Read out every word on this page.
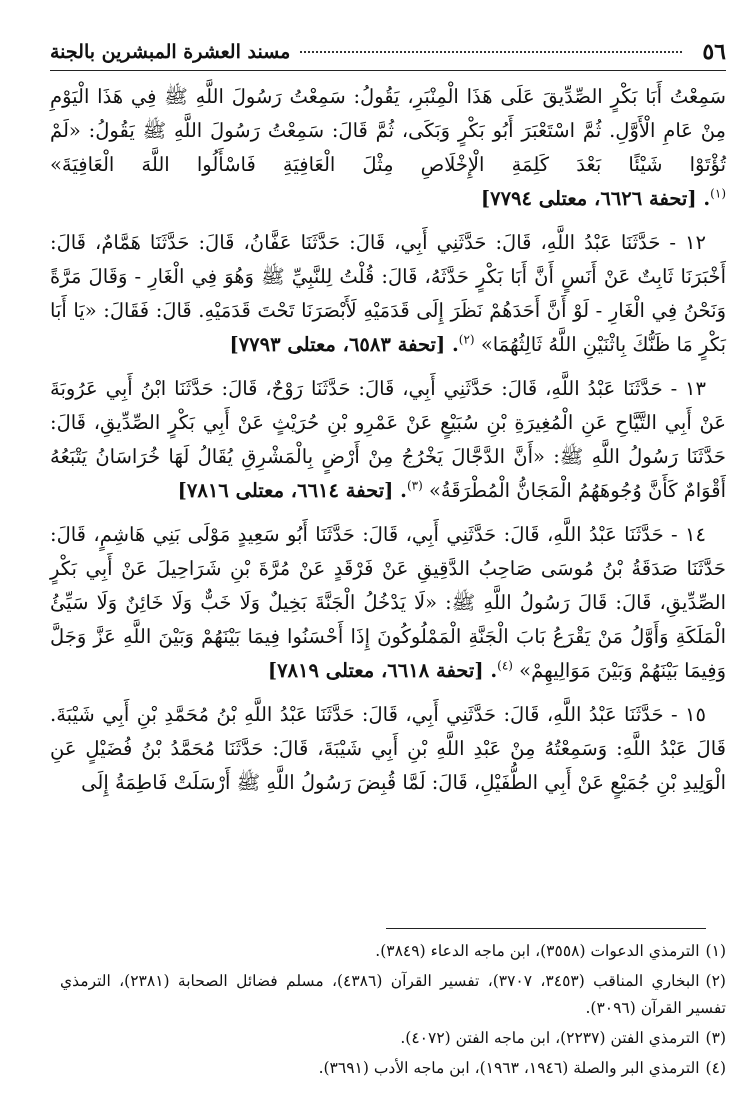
٥٦
مسند العشرة المبشرين بالجنة

سَمِعْتُ أَبَا بَكْرٍ الصِّدِّيقَ عَلَى هَذَا الْمِنْبَرِ، يَقُولُ: سَمِعْتُ رَسُولَ اللَّهِ ﷺ فِي هَذَا الْيَوْمِ مِنْ عَامِ الْأَوَّلِ. ثُمَّ اسْتَعْبَرَ أَبُو بَكْرٍ وَبَكَى، ثُمَّ قَالَ: سَمِعْتُ رَسُولَ اللَّهِ ﷺ يَقُولُ: «لَمْ تُؤْتَوْا شَيْئًا بَعْدَ كَلِمَةِ الْإِخْلَاصِ مِثْلَ الْعَافِيَةِ فَاسْأَلُوا اللَّهَ الْعَافِيَةَ» $^{(١)}$. [تحفة ٦٦٢٦، معتلى ٧٧٩٤]

١٢ - حَدَّثَنَا عَبْدُ اللَّهِ، قَالَ: حَدَّثَنِي أَبِي، قَالَ: حَدَّثَنَا عَفَّانُ، قَالَ: حَدَّثَنَا هَمَّامٌ، قَالَ: أَخْبَرَنَا ثَابِتٌ عَنْ أَنَسٍ أَنَّ أَبَا بَكْرٍ حَدَّثَهُ، قَالَ: قُلْتُ لِلنَّبِيِّ ﷺ وَهُوَ فِي الْغَارِ - وَقَالَ مَرَّةً وَنَحْنُ فِي الْغَارِ - لَوْ أَنَّ أَحَدَهُمْ نَظَرَ إِلَى قَدَمَيْهِ لَأَبْصَرَنَا تَحْتَ قَدَمَيْهِ. قَالَ: فَقَالَ: «يَا أَبَا بَكْرٍ مَا ظَنُّكَ بِاثْنَيْنِ اللَّهُ ثَالِثُهُمَا» $^{(٢)}$. [تحفة ٦٥٨٣، معتلى ٧٧٩٣]

١٣ - حَدَّثَنَا عَبْدُ اللَّهِ، قَالَ: حَدَّثَنِي أَبِي، قَالَ: حَدَّثَنَا رَوْحٌ، قَالَ: حَدَّثَنَا ابْنُ أَبِي عَرُوبَةَ عَنْ أَبِي التَّيَّاحِ عَنِ الْمُغِيرَةِ بْنِ سُبَيْعٍ عَنْ عَمْرِو بْنِ حُرَيْثٍ عَنْ أَبِي بَكْرٍ الصِّدِّيقِ، قَالَ: حَدَّثَنَا رَسُولُ اللَّهِ ﷺ: «أَنَّ الدَّجَّالَ يَخْرُجُ مِنْ أَرْضٍ بِالْمَشْرِقِ يُقَالُ لَهَا خُرَاسَانُ يَتْبَعُهُ أَقْوَامٌ كَأَنَّ وُجُوهَهُمُ الْمَجَانُّ الْمُطْرَقَةُ» $^{(٣)}$. [تحفة ٦٦١٤، معتلى ٧٨١٦]

١٤ - حَدَّثَنَا عَبْدُ اللَّهِ، قَالَ: حَدَّثَنِي أَبِي، قَالَ: حَدَّثَنَا أَبُو سَعِيدٍ مَوْلَى بَنِي هَاشِمٍ، قَالَ: حَدَّثَنَا صَدَقَةُ بْنُ مُوسَى صَاحِبُ الدَّقِيقِ عَنْ فَرْقَدٍ عَنْ مُرَّةَ بْنِ شَرَاحِيلَ عَنْ أَبِي بَكْرٍ الصِّدِّيقِ، قَالَ: قَالَ رَسُولُ اللَّهِ ﷺ: «لَا يَدْخُلُ الْجَنَّةَ بَخِيلٌ وَلَا خَبٌّ وَلَا خَائِنٌ وَلَا سَيِّئُ الْمَلَكَةِ وَأَوَّلُ مَنْ يَقْرَعُ بَابَ الْجَنَّةِ الْمَمْلُوكُونَ إِذَا أَحْسَنُوا فِيمَا بَيْنَهُمْ وَبَيْنَ اللَّهِ عَزَّ وَجَلَّ وَفِيمَا بَيْنَهُمْ وَبَيْنَ مَوَالِيهِمْ» $^{(٤)}$. [تحفة ٦٦١٨، معتلى ٧٨١٩]

١٥ - حَدَّثَنَا عَبْدُ اللَّهِ، قَالَ: حَدَّثَنِي أَبِي، قَالَ: حَدَّثَنَا عَبْدُ اللَّهِ بْنُ مُحَمَّدِ بْنِ أَبِي شَيْبَةَ. قَالَ عَبْدُ اللَّهِ: وَسَمِعْتُهُ مِنْ عَبْدِ اللَّهِ بْنِ أَبِي شَيْبَةَ، قَالَ: حَدَّثَنَا مُحَمَّدُ بْنُ فُضَيْلٍ عَنِ الْوَلِيدِ بْنِ جُمَيْعٍ عَنْ أَبِي الطُّفَيْلِ، قَالَ: لَمَّا قُبِضَ رَسُولُ اللَّهِ ﷺ أَرْسَلَتْ فَاطِمَةُ إِلَى

(١)الترمذي الدعوات (٣٥٥٨)، ابن ماجه الدعاء (٣٨٤٩).

(٢)البخاري المناقب (٣٤٥٣، ٣٧٠٧)، تفسير القرآن (٤٣٨٦)، مسلم فضائل الصحابة (٢٣٨١)، الترمذي تفسير القرآن (٣٠٩٦).

(٣)الترمذي الفتن (٢٢٣٧)، ابن ماجه الفتن (٤٠٧٢).

(٤)الترمذي البر والصلة (١٩٤٦، ١٩٦٣)، ابن ماجه الأدب (٣٦٩١).
